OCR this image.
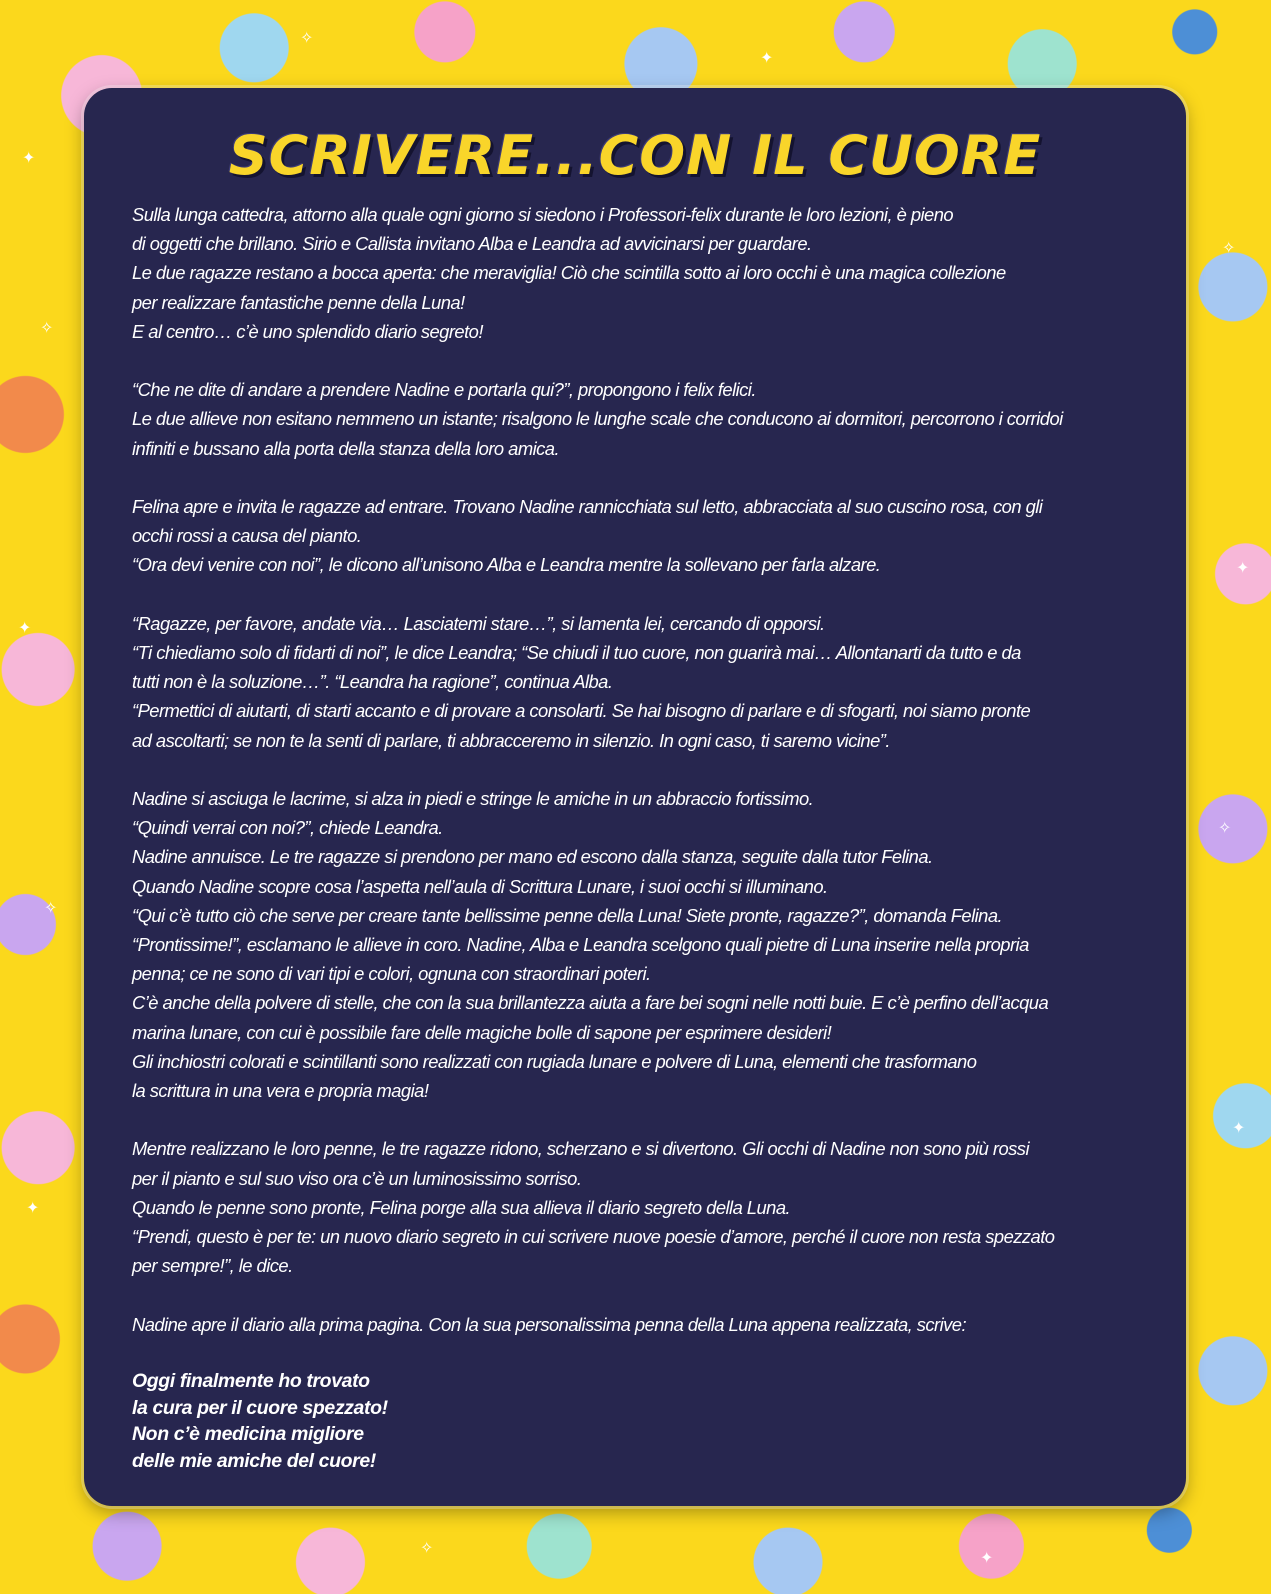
✦
✧
✦
✧
✦
✧
✦
✧
✦
✧
✦
✧
✦
SCRIVERE...CON IL CUORE

Sulla lunga cattedra, attorno alla quale ogni giorno si siedono i Professori-felix durante le loro lezioni, è pieno
di oggetti che brillano. Sirio e Callista invitano Alba e Leandra ad avvicinarsi per guardare.
Le due ragazze restano a bocca aperta: che meraviglia! Ciò che scintilla sotto ai loro occhi è una magica collezione
per realizzare fantastiche penne della Luna!
E al centro… c’è uno splendido diario segreto!

“Che ne dite di andare a prendere Nadine e portarla qui?”, propongono i felix felici.
Le due allieve non esitano nemmeno un istante; risalgono le lunghe scale che conducono ai dormitori, percorrono i corridoi
infiniti e bussano alla porta della stanza della loro amica.

Felina apre e invita le ragazze ad entrare. Trovano Nadine rannicchiata sul letto, abbracciata al suo cuscino rosa, con gli
occhi rossi a causa del pianto.
“Ora devi venire con noi”, le dicono all’unisono Alba e Leandra mentre la sollevano per farla alzare.

“Ragazze, per favore, andate via… Lasciatemi stare…”, si lamenta lei, cercando di opporsi.
“Ti chiediamo solo di fidarti di noi”, le dice Leandra; “Se chiudi il tuo cuore, non guarirà mai… Allontanarti da tutto e da
tutti non è la soluzione…”. “Leandra ha ragione”, continua Alba.
“Permettici di aiutarti, di starti accanto e di provare a consolarti. Se hai bisogno di parlare e di sfogarti, noi siamo pronte
ad ascoltarti; se non te la senti di parlare, ti abbracceremo in silenzio. In ogni caso, ti saremo vicine”.

Nadine si asciuga le lacrime, si alza in piedi e stringe le amiche in un abbraccio fortissimo.
“Quindi verrai con noi?”, chiede Leandra.
Nadine annuisce. Le tre ragazze si prendono per mano ed escono dalla stanza, seguite dalla tutor Felina.
Quando Nadine scopre cosa l’aspetta nell’aula di Scrittura Lunare, i suoi occhi si illuminano.
“Qui c’è tutto ciò che serve per creare tante bellissime penne della Luna! Siete pronte, ragazze?”, domanda Felina.
“Prontissime!”, esclamano le allieve in coro. Nadine, Alba e Leandra scelgono quali pietre di Luna inserire nella propria
penna; ce ne sono di vari tipi e colori, ognuna con straordinari poteri.
C’è anche della polvere di stelle, che con la sua brillantezza aiuta a fare bei sogni nelle notti buie. E c’è perfino dell’acqua
marina lunare, con cui è possibile fare delle magiche bolle di sapone per esprimere desideri!
Gli inchiostri colorati e scintillanti sono realizzati con rugiada lunare e polvere di Luna, elementi che trasformano
la scrittura in una vera e propria magia!

Mentre realizzano le loro penne, le tre ragazze ridono, scherzano e si divertono. Gli occhi di Nadine non sono più rossi
per il pianto e sul suo viso ora c’è un luminosissimo sorriso.
Quando le penne sono pronte, Felina porge alla sua allieva il diario segreto della Luna.
“Prendi, questo è per te: un nuovo diario segreto in cui scrivere nuove poesie d’amore, perché il cuore non resta spezzato
per sempre!”, le dice.

Nadine apre il diario alla prima pagina. Con la sua personalissima penna della Luna appena realizzata, scrive:

Oggi finalmente ho trovato
la cura per il cuore spezzato!
Non c’è medicina migliore
delle mie amiche del cuore!
